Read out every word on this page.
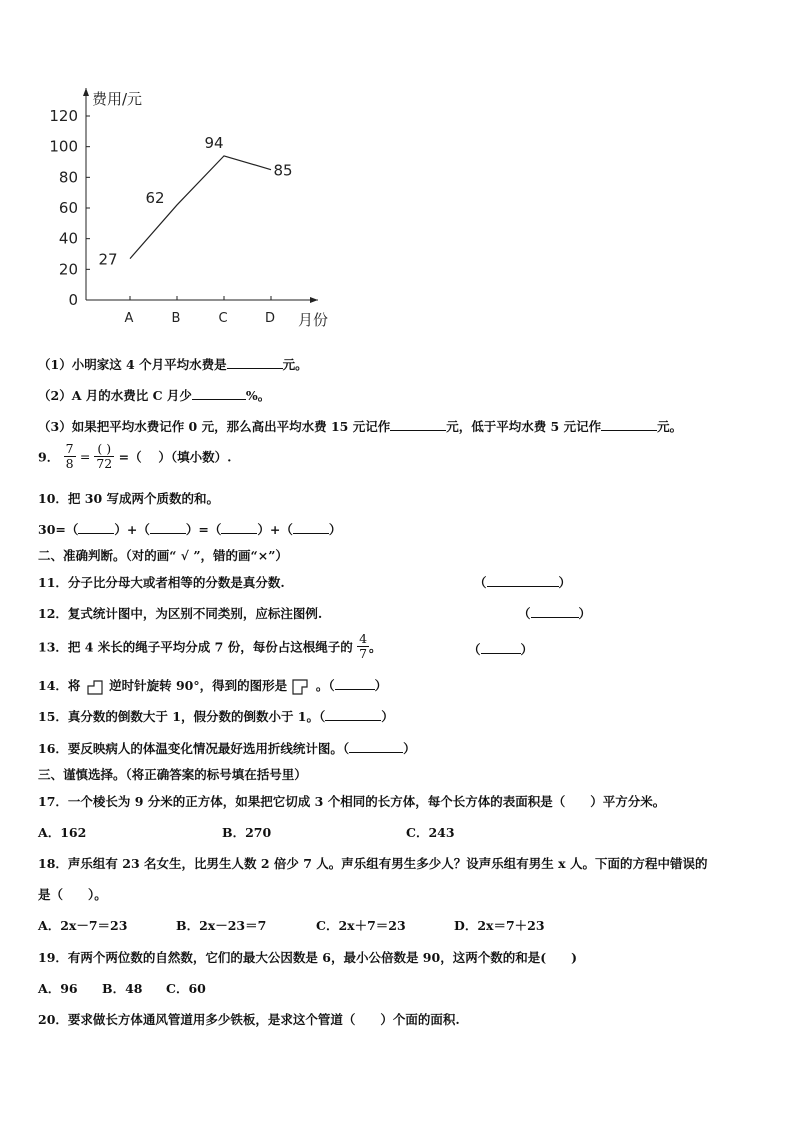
费用/元
月份
0
20
40
60
80
100
120
A	B	C	D
27
62
94
85
（1）小明家这 4 个月平均水费是	元。
（2）A 月的水费比 C 月少	%。
（3）如果把平均水费记作 0 元，那么高出平均水费 15 元记作	元，低于平均水费 5 元记作	元。
9． $\frac{7}{8} = \frac{( )}{72}$ =（　 ）（填小数）.
10．把 30 写成两个质数的和。
30=（	）+（	）=（	）+（	）
二、准确判断。（对的画“ √ ”，错的画“×”）
11．分子比分母大或者相等的分数是真分数.	（	）
12．复式统计图中，为区别不同类别，应标注图例.	（	）
13．把 4 米长的绳子平均分成 7 份，每份占这根绳子的 $\frac{4}{7}$ 。	（	）
14．将 逆时针旋转 90°，得到的图形是 。（	）
15．真分数的倒数大于 1，假分数的倒数小于 1。（	）
16．要反映病人的体温变化情况最好选用折线统计图。（	）
三、谨慎选择。（将正确答案的标号填在括号里）
17．一个棱长为 9 分米的正方体，如果把它切成 3 个相同的长方体，每个长方体的表面积是（　　）平方分米。
A．162	B．270	C．243
18．声乐组有 23 名女生，比男生人数 2 倍少 7 人。声乐组有男生多少人？设声乐组有男生 x 人。下面的方程中错误的
是（　　）。
A．2x－7＝23	B．2x－23＝7	C．2x＋7＝23	D．2x＝7＋23
19．有两个两位数的自然数，它们的最大公因数是 6，最小公倍数是 90，这两个数的和是(　　)
A．96 B．48 C．60
20．要求做长方体通风管道用多少铁板，是求这个管道（　　）个面的面积.
